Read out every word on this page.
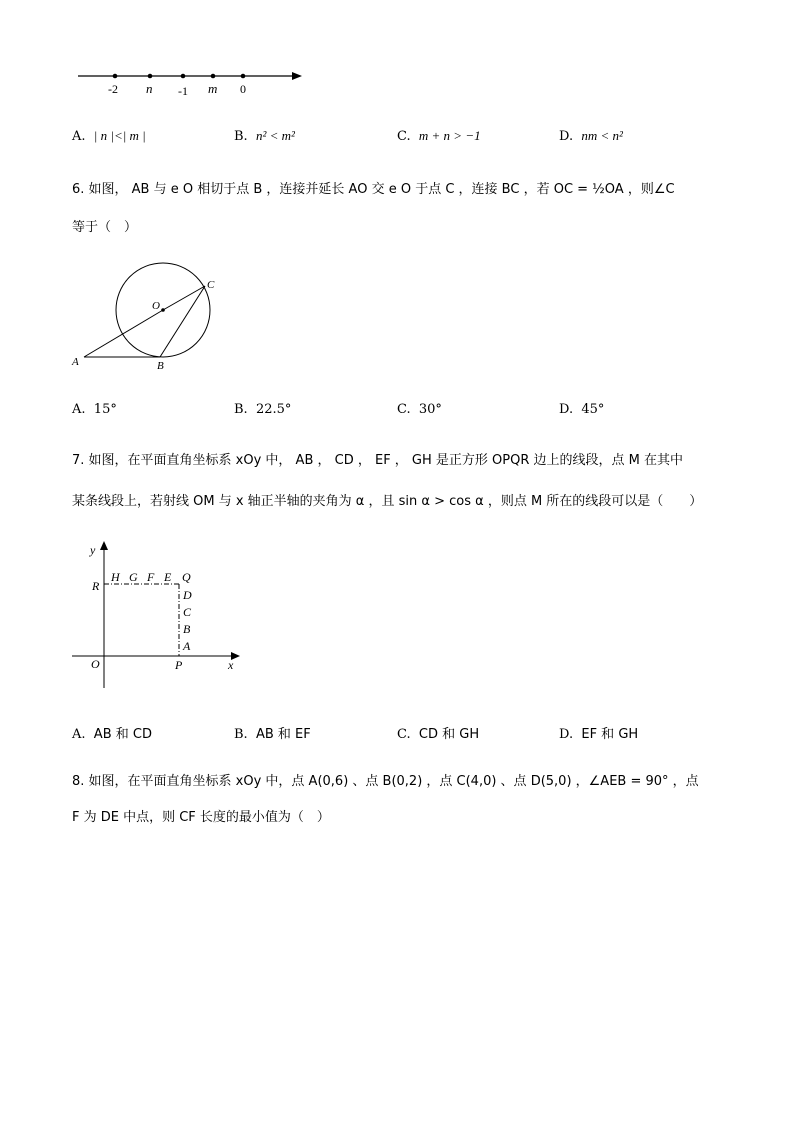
-2 n -1 m 0
A. | n |<| m |	B. n² < m²	C. m + n > −1	D. nm < n²
6. 如图， AB 与 e O 相切于点 B ，连接并延长 AO 交 e O 于点 C ，连接 BC ，若 OC = ½OA ，则∠C
等于（　）
A	B
C
O
A. 15°	B. 22.5°	C. 30°	D. 45°
7. 如图，在平面直角坐标系 xOy 中， AB ， CD ， EF ， GH 是正方形 OPQR 边上的线段，点 M 在其中
某条线段上，若射线 OM 与 x 轴正半轴的夹角为 α ，且 sin α > cos α ，则点 M 所在的线段可以是（　　）
y
x
O	P
R
H G F E Q
D
C
B
A
A. AB 和 CD	B. AB 和 EF	C. CD 和 GH	D. EF 和 GH
8. 如图，在平面直角坐标系 xOy 中，点 A(0,6) 、点 B(0,2) ，点 C(4,0) 、点 D(5,0) ，∠AEB = 90° ，点
F 为 DE 中点，则 CF 长度的最小值为（　）
